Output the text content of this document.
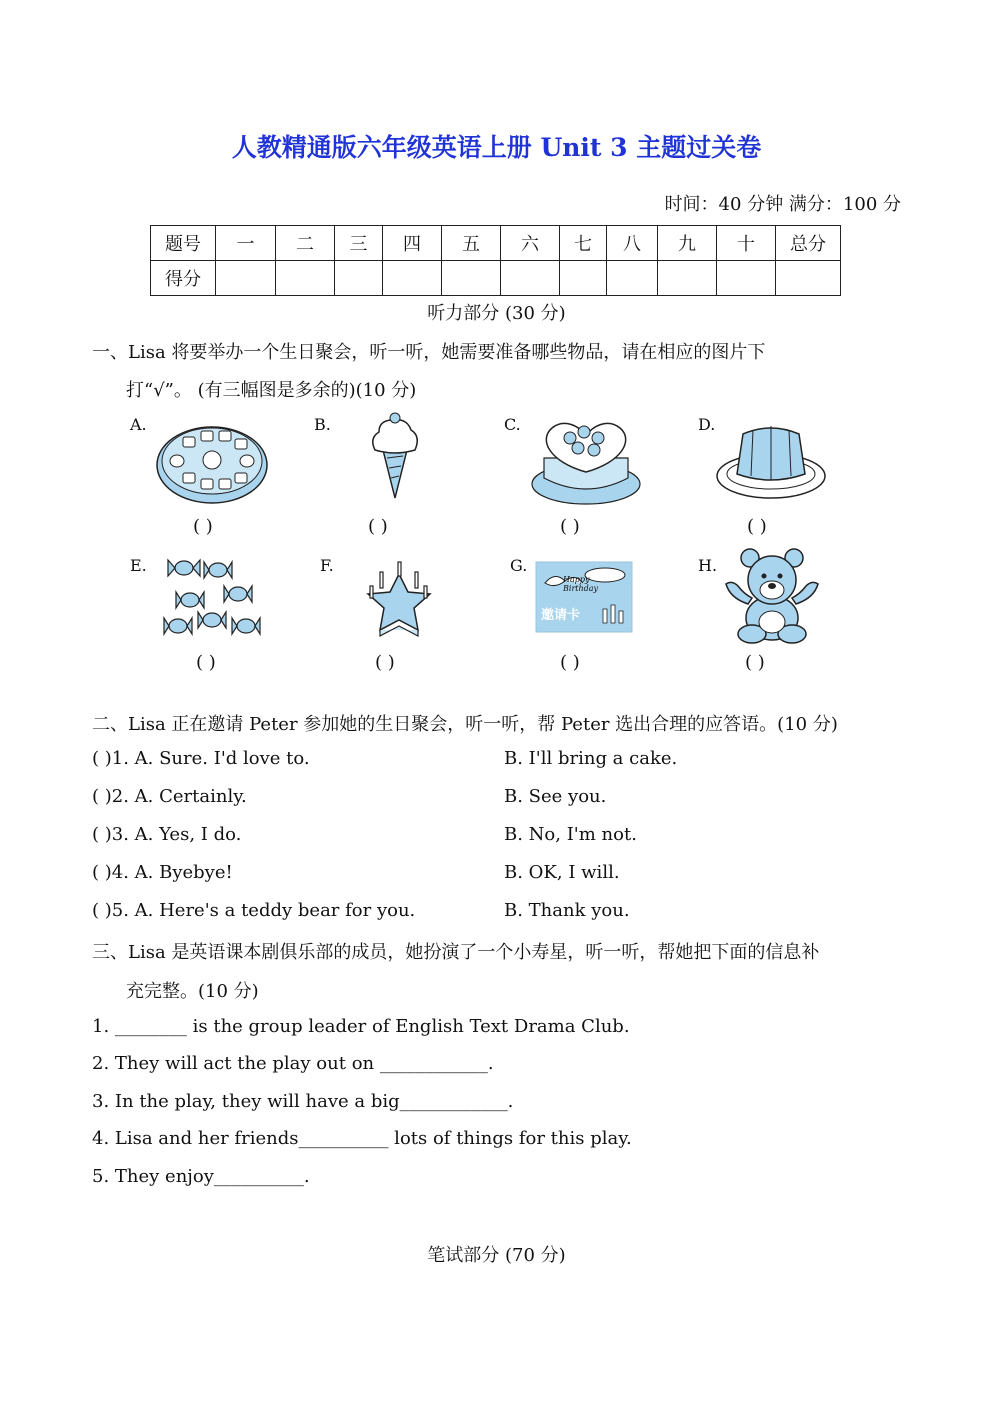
人教精通版六年级英语上册 Unit 3 主题过关卷
时间：40 分钟 满分：100 分
题号	一	二	三	四	五	六	七	八	九	十	总分
得分											
听力部分 (30 分)
一、Lisa 将要举办一个生日聚会，听一听，她需要准备哪些物品，请在相应的图片下
打“√”。 (有三幅图是多余的)(10 分)
A.	B.	C.	D.
E.	F.	G.	H.
Happy Birthday
邀请卡
( )	( )	( )	( )
( )	( )	( )	( )
二、Lisa 正在邀请 Peter 参加她的生日聚会，听一听，帮 Peter 选出合理的应答语。(10 分)
( )1. A. Sure. I'd love to.	B. I'll bring a cake.
( )2. A. Certainly.	B. See you.
( )3. A. Yes, I do.	B. No, I'm not.
( )4. A. Byebye!	B. OK, I will.
( )5. A. Here's a teddy bear for you.	B. Thank you.
三、Lisa 是英语课本剧俱乐部的成员，她扮演了一个小寿星，听一听，帮她把下面的信息补
充完整。(10 分)
1. ________ is the group leader of English Text Drama Club.
2. They will act the play out on ____________.
3. In the play, they will have a big____________.
4. Lisa and her friends__________ lots of things for this play.
5. They enjoy__________.
笔试部分 (70 分)
